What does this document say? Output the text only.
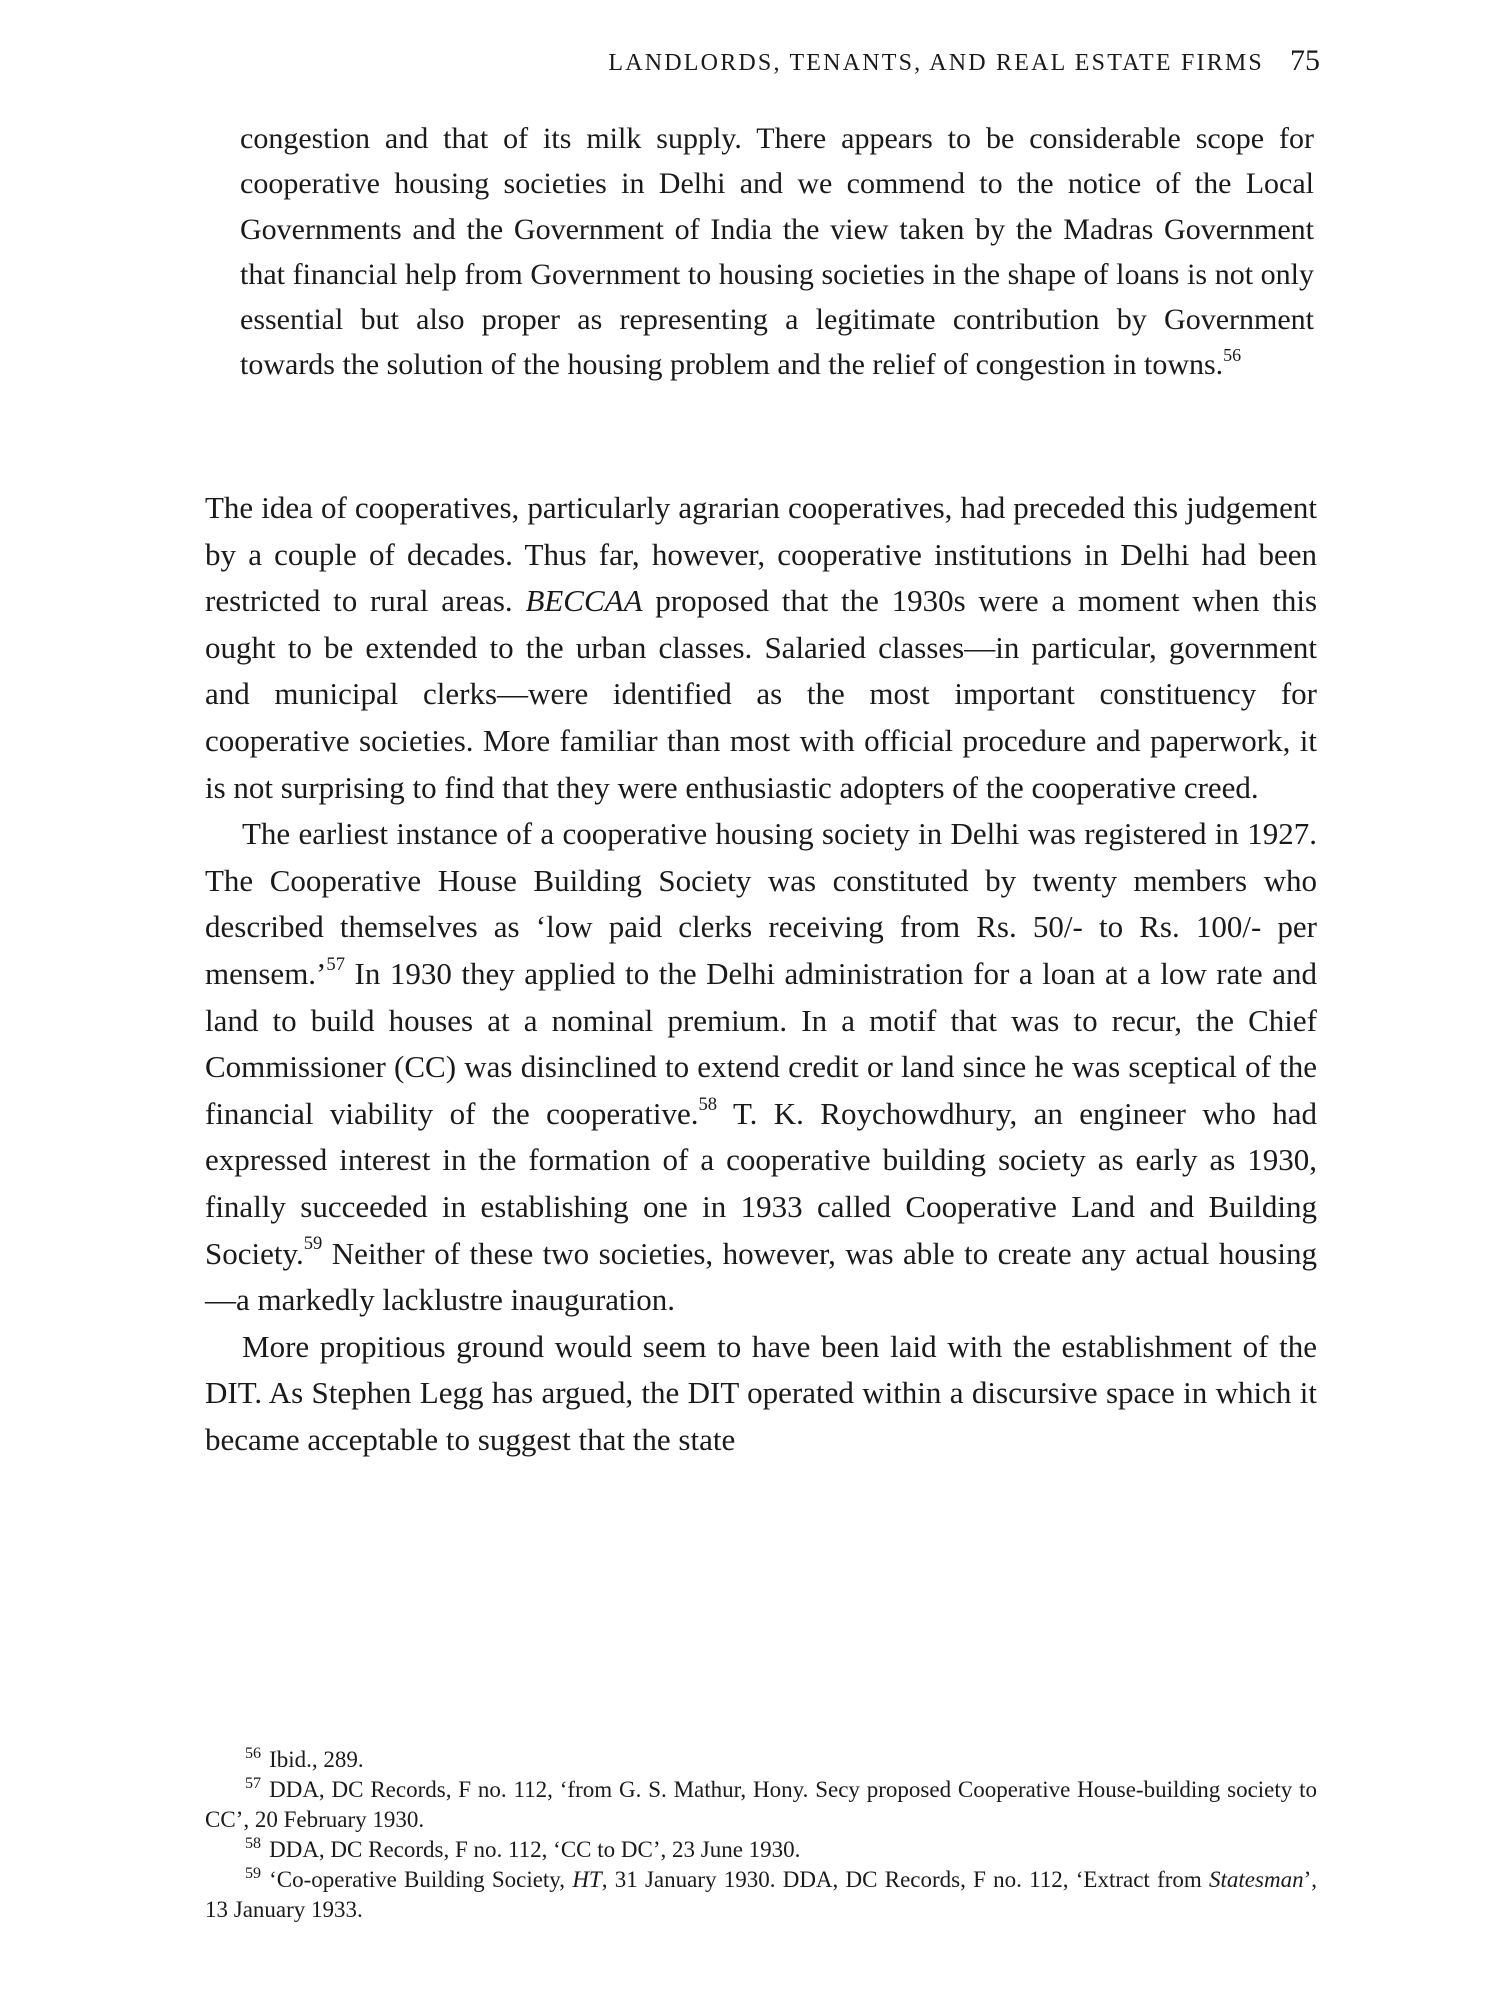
LANDLORDS, TENANTS, AND REAL ESTATE FIRMS 75

congestion and that of its milk supply. There appears to be considerable scope for cooperative housing societies in Delhi and we commend to the notice of the Local Governments and the Government of India the view taken by the Madras Government that financial help from Government to housing societies in the shape of loans is not only essential but also proper as representing a legitimate contribution by Government towards the solution of the housing problem and the relief of congestion in towns.$^{56}$

The idea of cooperatives, particularly agrarian cooperatives, had preceded this judgement by a couple of decades. Thus far, however, cooperative institutions in Delhi had been restricted to rural areas. BECCAA proposed that the 1930s were a moment when this ought to be extended to the urban classes. Salaried classes—in particular, government and municipal clerks—were identified as the most important constituency for cooperative societies. More familiar than most with official procedure and paperwork, it is not surprising to find that they were enthusiastic adopters of the cooperative creed.

The earliest instance of a cooperative housing society in Delhi was registered in 1927. The Cooperative House Building Society was constituted by twenty members who described themselves as ‘low paid clerks receiving from Rs. 50/- to Rs. 100/- per mensem.’$^{57}$ In 1930 they applied to the Delhi administration for a loan at a low rate and land to build houses at a nominal premium. In a motif that was to recur, the Chief Commissioner (CC) was disinclined to extend credit or land since he was sceptical of the financial viability of the cooperative.$^{58}$ T. K. Roychowdhury, an engineer who had expressed interest in the formation of a cooperative building society as early as 1930, finally succeeded in establishing one in 1933 called Cooperative Land and Building Society.$^{59}$ Neither of these two societies, however, was able to create any actual housing—a markedly lacklustre inauguration.

More propitious ground would seem to have been laid with the establishment of the DIT. As Stephen Legg has argued, the DIT operated within a discursive space in which it became acceptable to suggest that the state

$^{56}$ Ibid., 289.

$^{57}$ DDA, DC Records, F no. 112, ‘from G. S. Mathur, Hony. Secy proposed Cooperative House-building society to CC’, 20 February 1930.

$^{58}$ DDA, DC Records, F no. 112, ‘CC to DC’, 23 June 1930.

$^{59}$ ‘Co-operative Building Society, HT, 31 January 1930. DDA, DC Records, F no. 112, ‘Extract from Statesman’, 13 January 1933.
